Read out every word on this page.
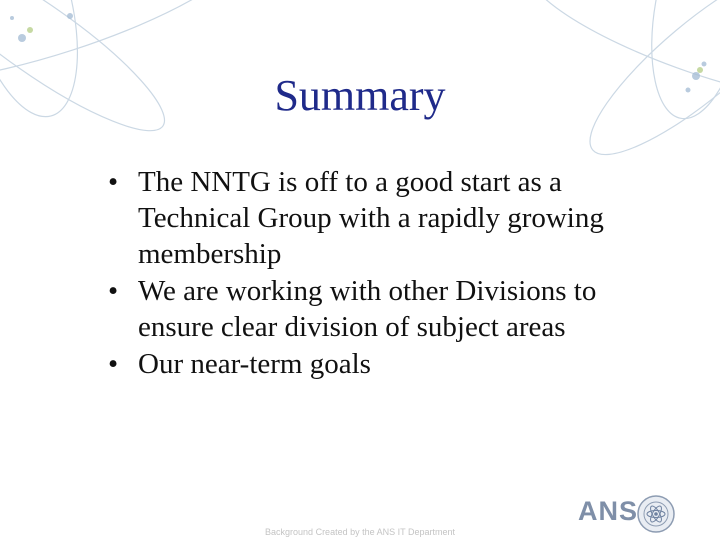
Summary
• The NNTG is off to a good start as a Technical Group with a rapidly growing membership
• We are working with other Divisions to ensure clear division of subject areas
• Our near-term goals
ANS
Background Created by the ANS IT Department
